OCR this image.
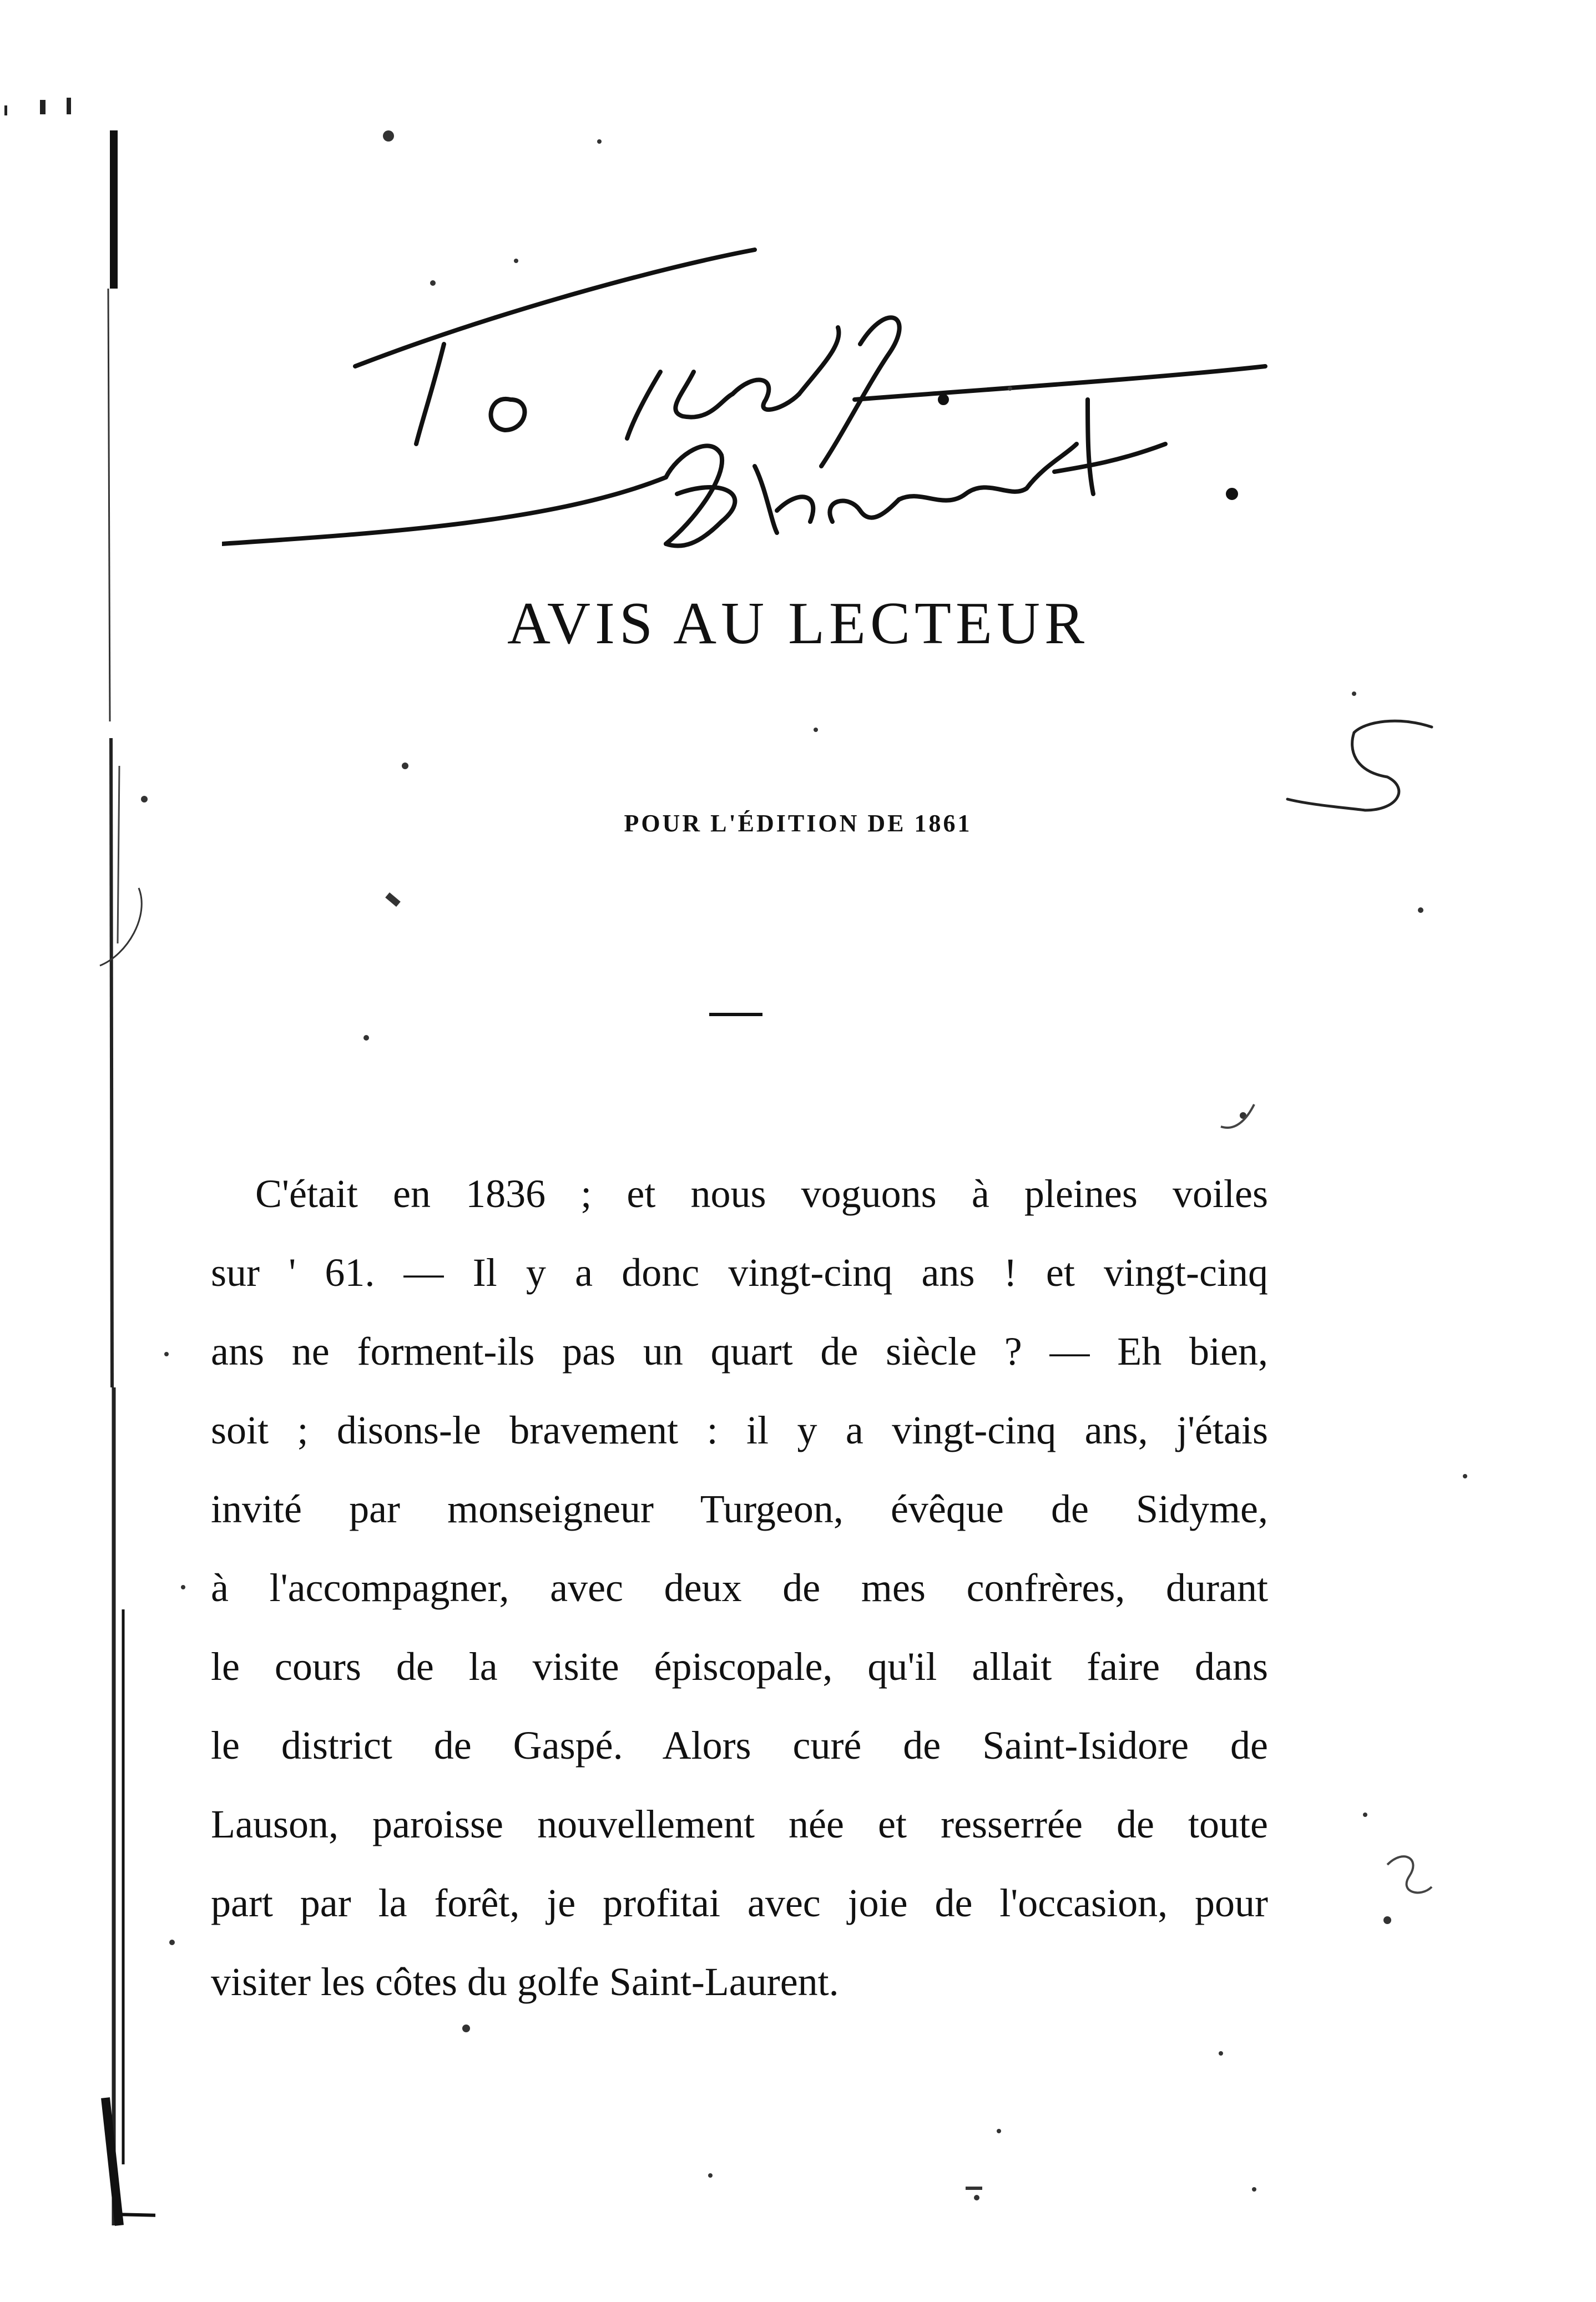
AVIS AU LECTEUR
POUR L'ÉDITION DE 1861
C'était en 1836 ; et nous voguons à pleines voiles
sur ' 61. — Il y a donc vingt-cinq ans ! et vingt-cinq
ans ne forment-ils pas un quart de siècle ? — Eh bien,
soit ; disons-le bravement : il y a vingt-cinq ans, j'étais
invité par monseigneur Turgeon, évêque de Sidyme,
à l'accompagner, avec deux de mes confrères, durant
le cours de la visite épiscopale, qu'il allait faire dans
le district de Gaspé. Alors curé de Saint-Isidore de
Lauson, paroisse nouvellement née et resserrée de toute
part par la forêt, je profitai avec joie de l'occasion, pour
visiter les côtes du golfe Saint-Laurent.
